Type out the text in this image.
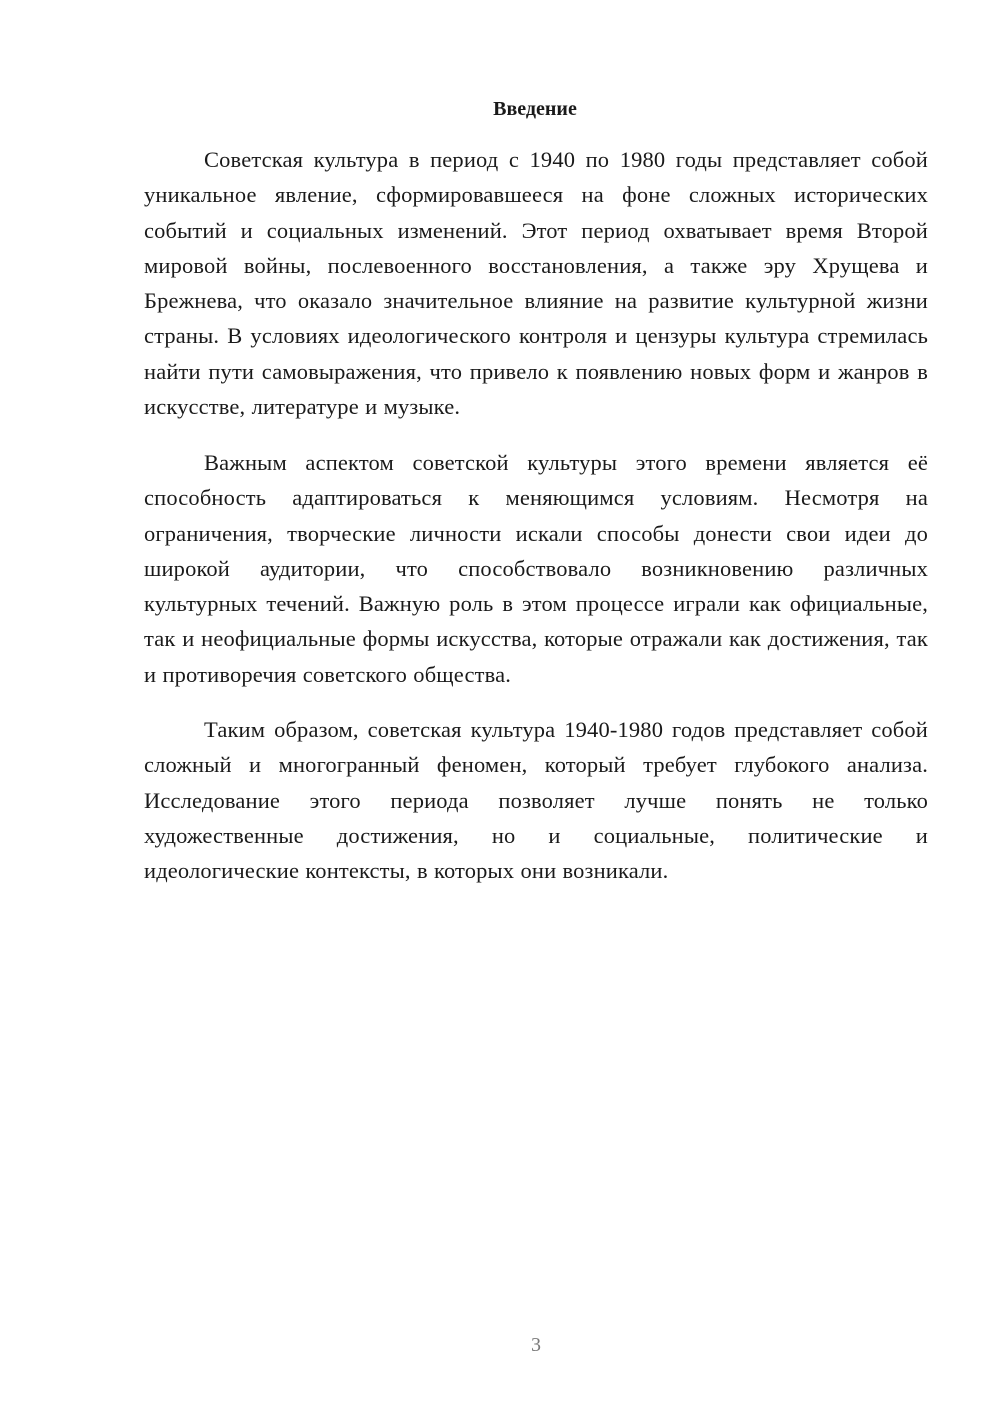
Введение

Советская культура в период с 1940 по 1980 годы представляет собой уникальное явление, сформировавшееся на фоне сложных исторических событий и социальных изменений. Этот период охватывает время Второй мировой войны, послевоенного восстановления, а также эру Хрущева и Брежнева, что оказало значительное влияние на развитие культурной жизни страны. В условиях идеологического контроля и цензуры культура стремилась найти пути самовыражения, что привело к появлению новых форм и жанров в искусстве, литературе и музыке.

Важным аспектом советской культуры этого времени является её способность адаптироваться к меняющимся условиям. Несмотря на ограничения, творческие личности искали способы донести свои идеи до широкой аудитории, что способствовало возникновению различных культурных течений. Важную роль в этом процессе играли как официальные, так и неофициальные формы искусства, которые отражали как достижения, так и противоречия советского общества.

Таким образом, советская культура 1940-1980 годов представляет собой сложный и многогранный феномен, который требует глубокого анализа. Исследование этого периода позволяет лучше понять не только художественные достижения, но и социальные, политические и идеологические контексты, в которых они возникали.

3
